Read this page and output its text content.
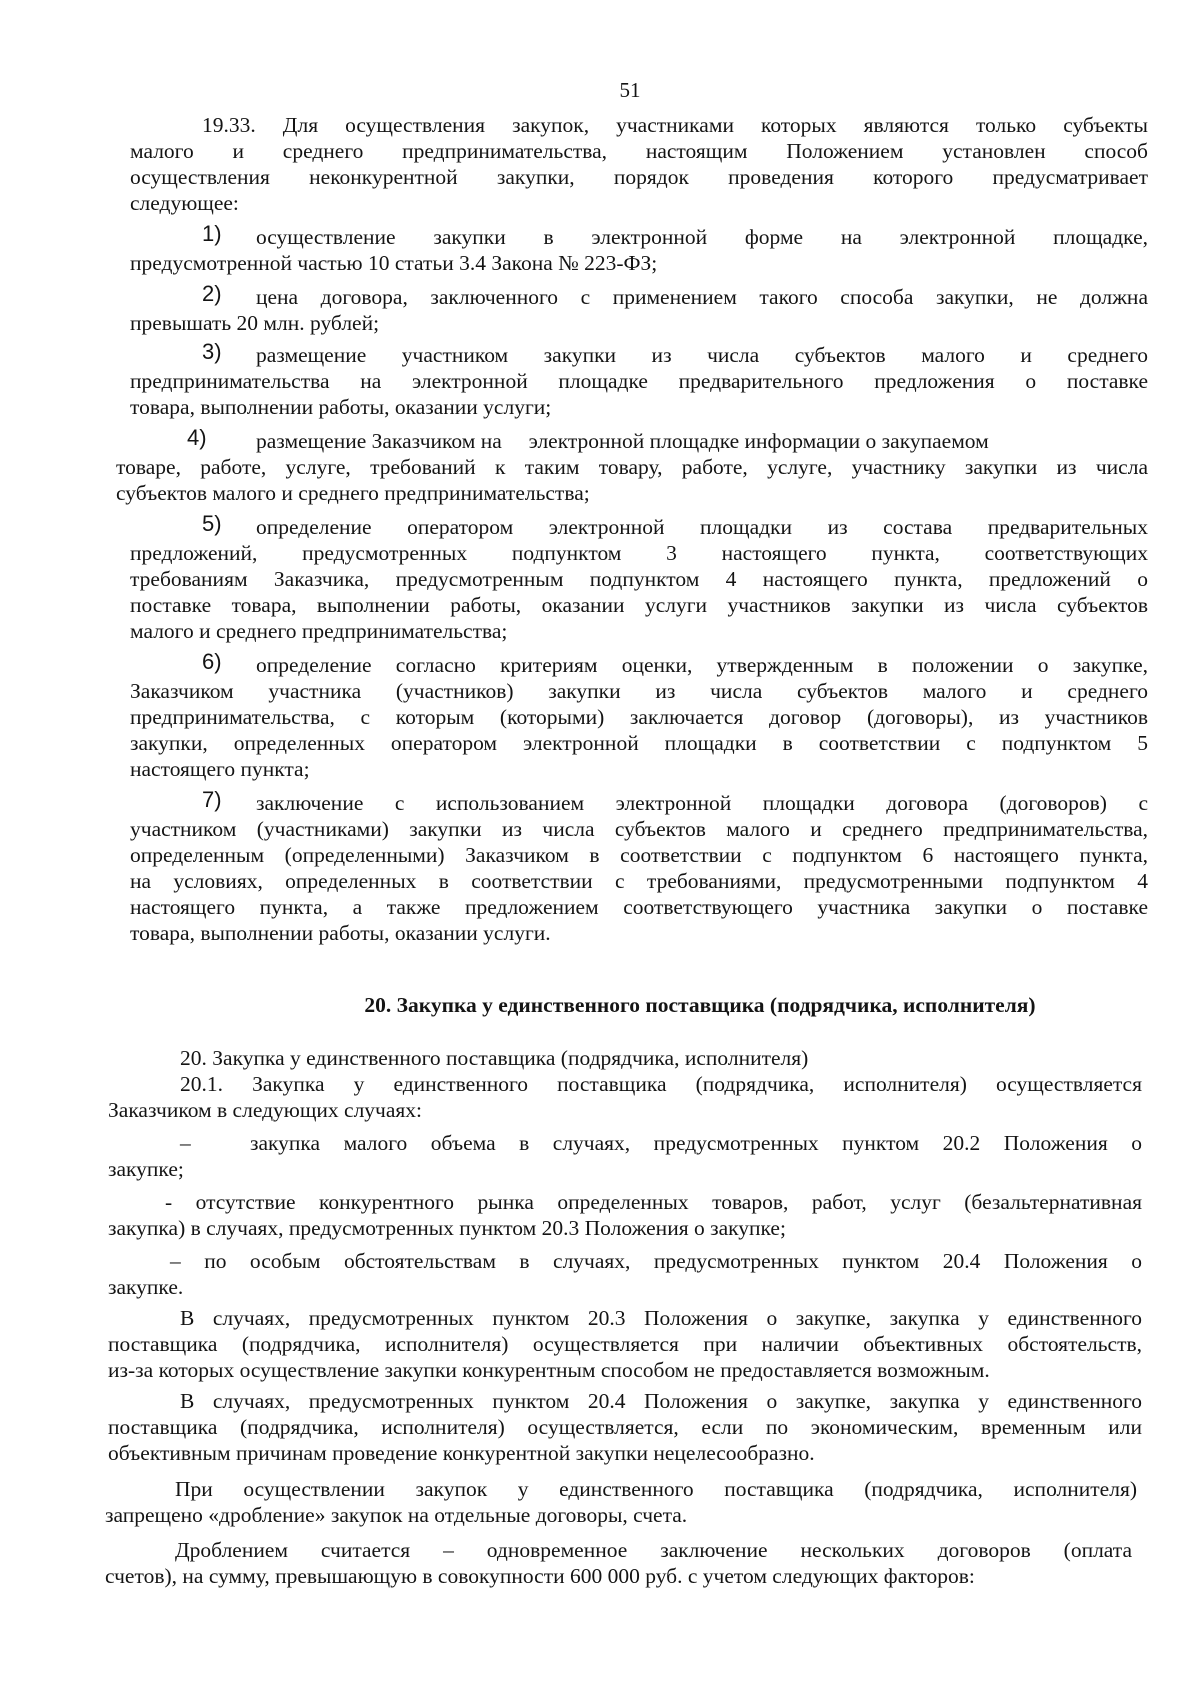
51
19.33. Для осуществления закупок, участниками которых являются только субъекты
малого и среднего предпринимательства, настоящим Положением установлен способ
осуществления неконкурентной закупки, порядок проведения которого предусматривает
следующее:
1) осуществление закупки в электронной форме на электронной площадке,
предусмотренной частью 10 статьи 3.4 Закона № 223-ФЗ;
2) цена договора, заключенного с применением такого способа закупки, не должна
превышать 20 млн. рублей;
3) размещение участником закупки из числа субъектов малого и среднего
предпринимательства на электронной площадке предварительного предложения о поставке
товара, выполнении работы, оказании услуги;
4) размещение Заказчиком на     электронной площадке информации о закупаемом
товаре, работе, услуге, требований к таким товару, работе, услуге, участнику закупки из числа
субъектов малого и среднего предпринимательства;
5) определение оператором электронной площадки из состава предварительных
предложений, предусмотренных подпунктом 3 настоящего пункта, соответствующих
требованиям Заказчика, предусмотренным подпунктом 4 настоящего пункта, предложений о
поставке товара, выполнении работы, оказании услуги участников закупки из числа субъектов
малого и среднего предпринимательства;
6) определение согласно критериям оценки, утвержденным в положении о закупке,
Заказчиком участника (участников) закупки из числа субъектов малого и среднего
предпринимательства, с которым (которыми) заключается договор (договоры), из участников
закупки, определенных оператором электронной площадки в соответствии с подпунктом 5
настоящего пункта;
7) заключение с использованием электронной площадки договора (договоров) с
участником (участниками) закупки из числа субъектов малого и среднего предпринимательства,
определенным (определенными) Заказчиком в соответствии с подпунктом 6 настоящего пункта,
на условиях, определенных в соответствии с требованиями, предусмотренными подпунктом 4
настоящего пункта, а также предложением соответствующего участника закупки о поставке
товара, выполнении работы, оказании услуги.
20. Закупка у единственного поставщика (подрядчика, исполнителя)
20. Закупка у единственного поставщика (подрядчика, исполнителя)
20.1. Закупка у единственного поставщика (подрядчика, исполнителя) осуществляется
Заказчиком в следующих случаях:
–	закупка малого объема в случаях, предусмотренных пунктом 20.2 Положения о
закупке;
- отсутствие конкурентного рынка определенных товаров, работ, услуг (безальтернативная
закупка) в случаях, предусмотренных пунктом 20.3 Положения о закупке;
– по особым обстоятельствам в случаях, предусмотренных пунктом 20.4 Положения о
закупке.
В случаях, предусмотренных пунктом 20.3 Положения о закупке, закупка у единственного
поставщика (подрядчика, исполнителя) осуществляется при наличии объективных обстоятельств,
из-за которых осуществление закупки конкурентным способом не предоставляется возможным.
В случаях, предусмотренных пунктом 20.4 Положения о закупке, закупка у единственного
поставщика (подрядчика, исполнителя) осуществляется, если по экономическим, временным или
объективным причинам проведение конкурентной закупки нецелесообразно.
При осуществлении закупок у единственного поставщика (подрядчика, исполнителя)
запрещено «дробление» закупок на отдельные договоры, счета.
Дроблением считается – одновременное заключение нескольких договоров (оплата
счетов), на сумму, превышающую в совокупности 600 000 руб. с учетом следующих факторов:
